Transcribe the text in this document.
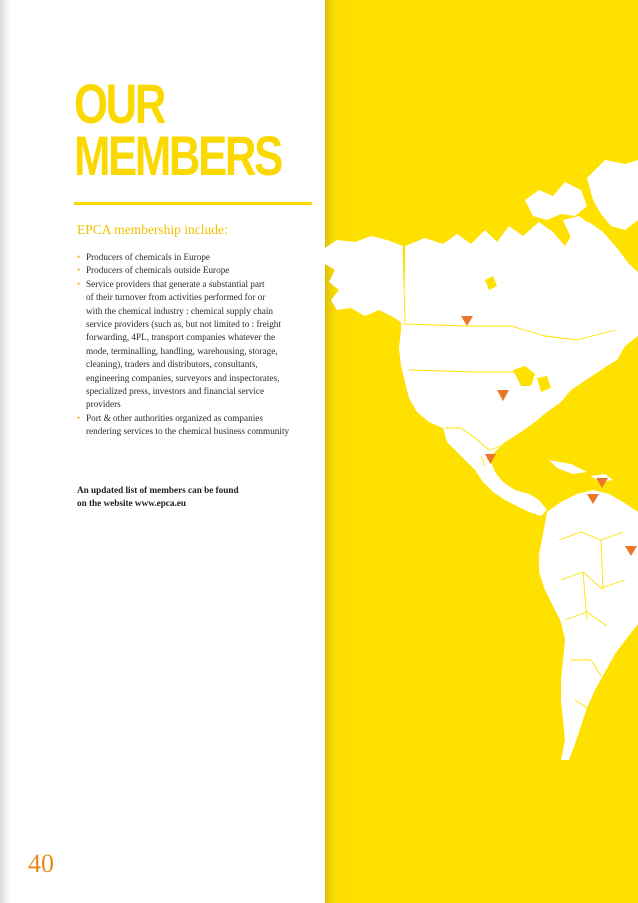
OUR
MEMBERS

EPCA membership include:

• Producers of chemicals in Europe
• Producers of chemicals outside Europe
• Service providers that generate a substantial part
of their turnover from activities performed for or
with the chemical industry : chemical supply chain
service providers (such as, but not limited to : freight
forwarding, 4PL, transport companies whatever the
mode, terminalling, handling, warehousing, storage,
cleaning), traders and distributors, consultants,
engineering companies, surveyors and inspectorates,
specialized press, investors and financial service
providers
• Port & other authorities organized as companies
rendering services to the chemical business community

An updated list of members can be found
on the website www.epca.eu

40
